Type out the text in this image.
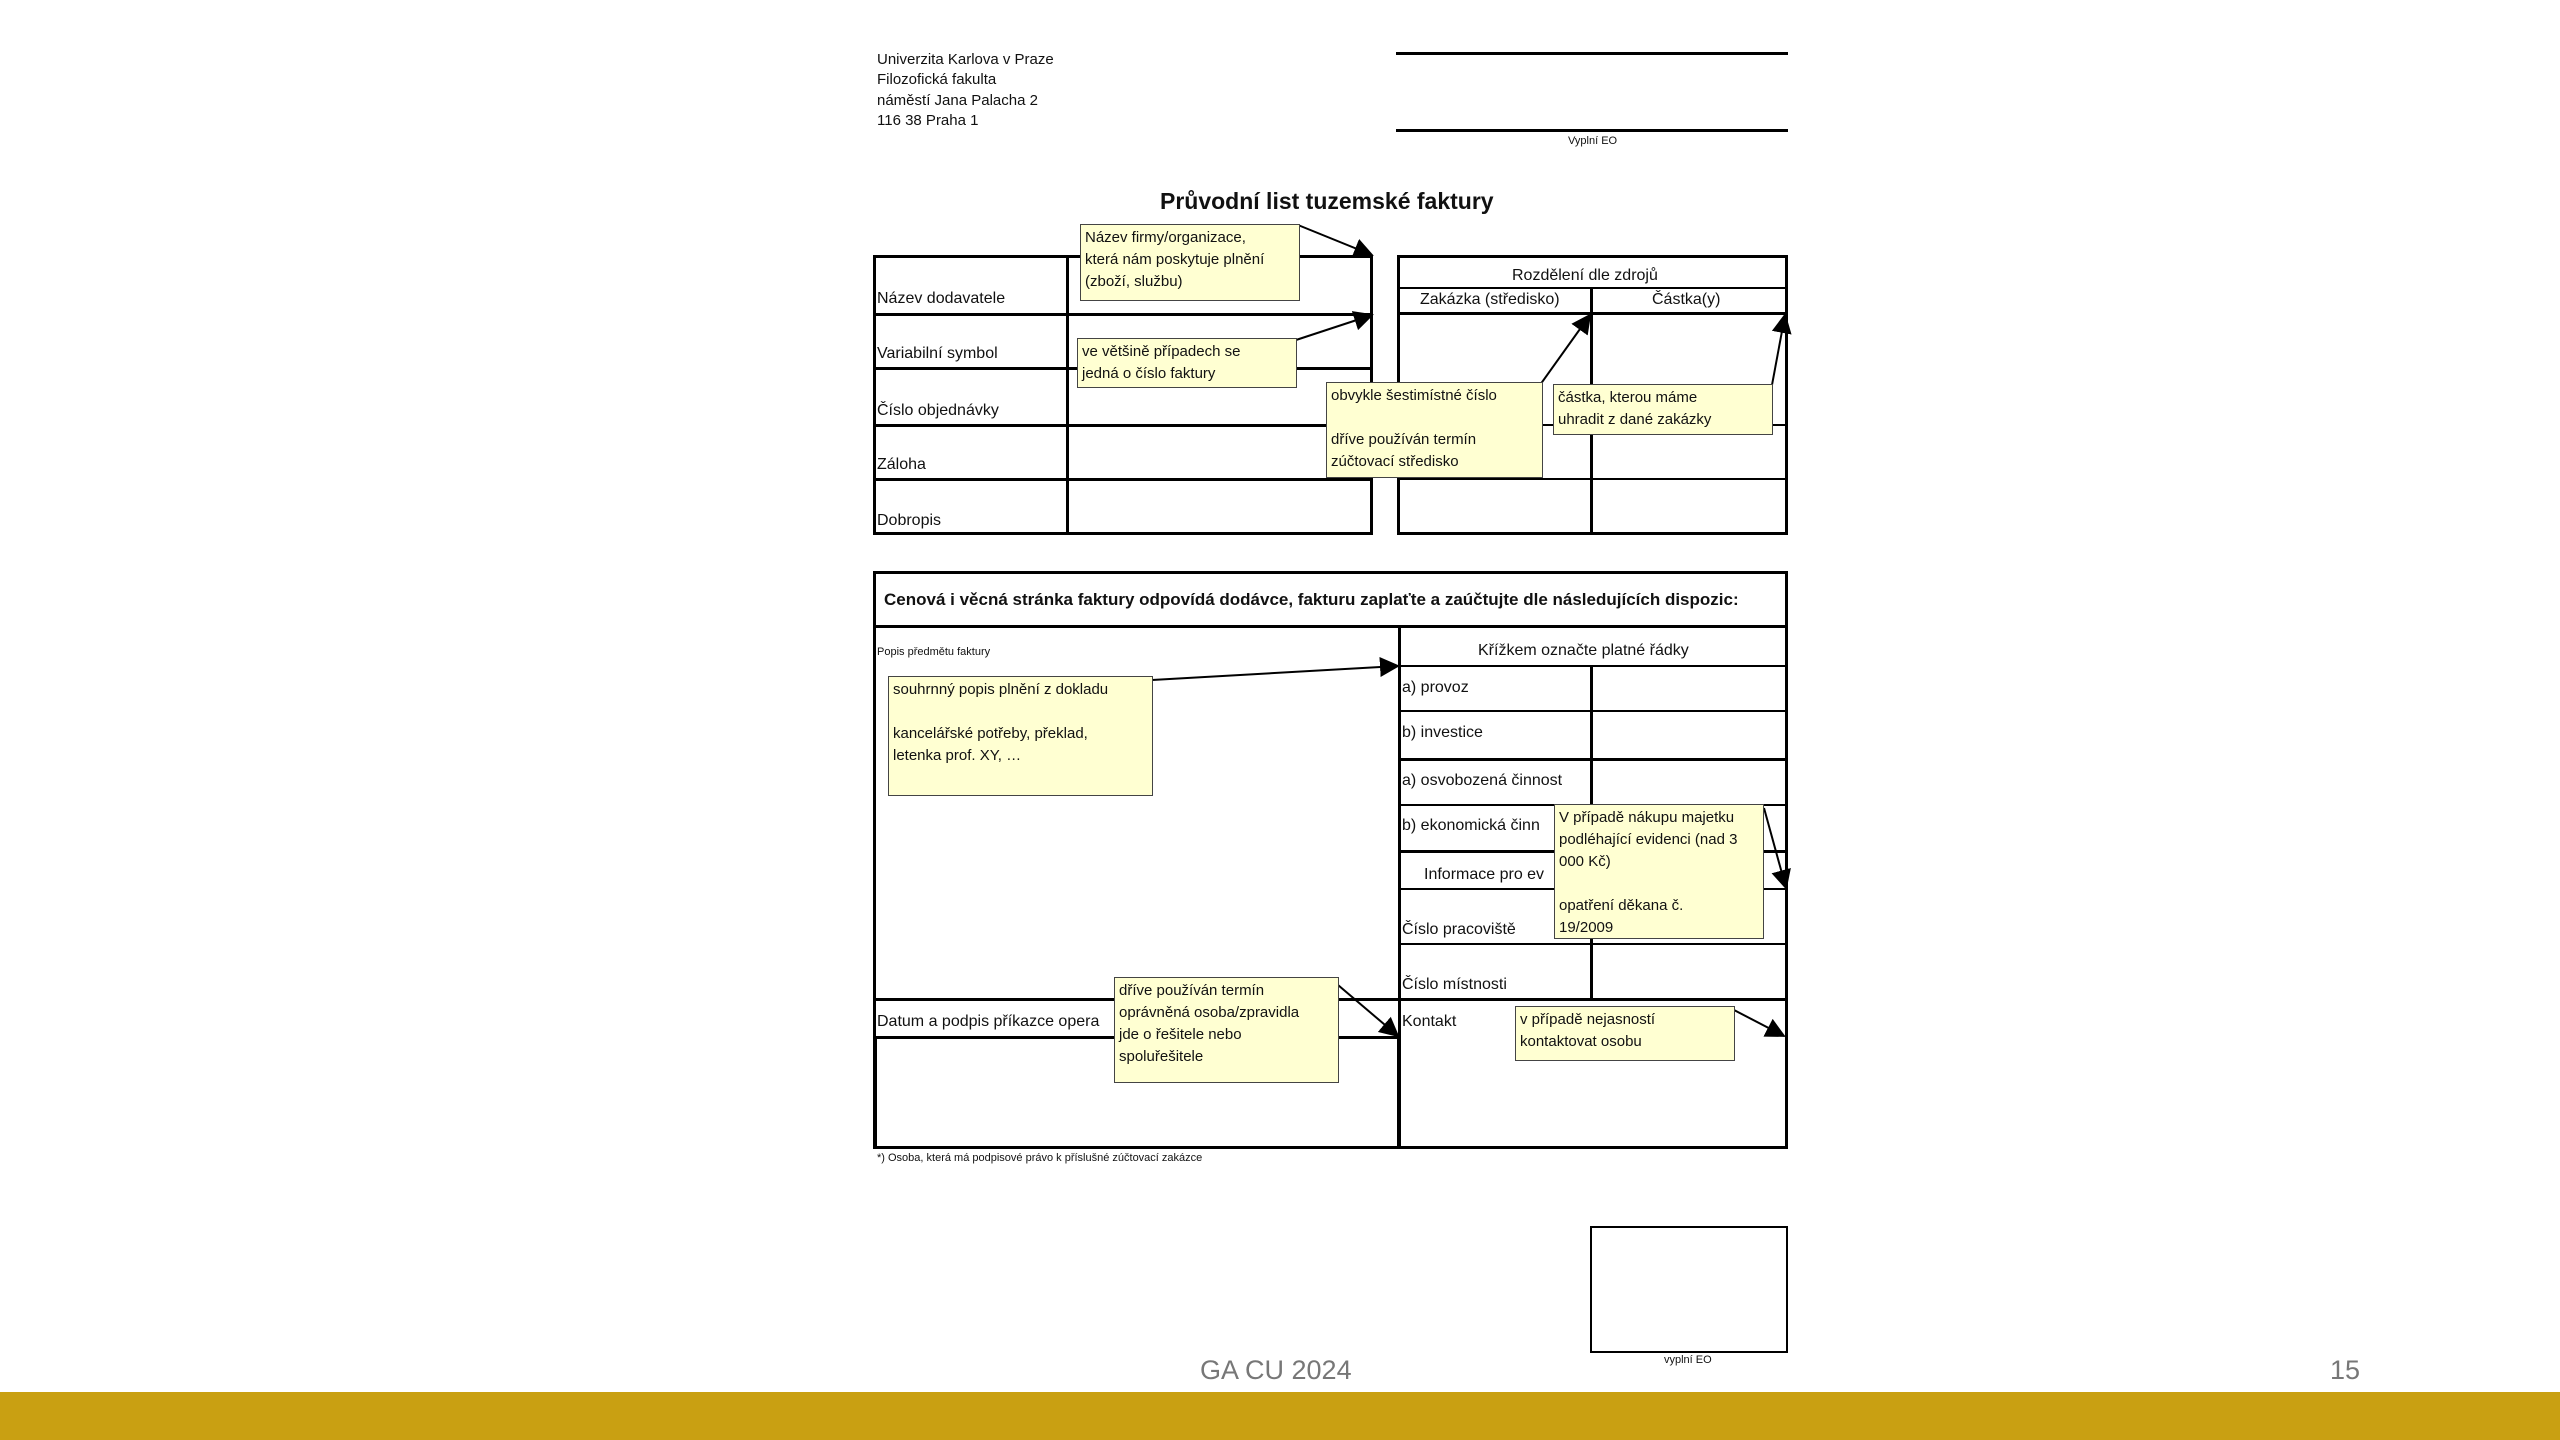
Univerzita Karlova v Praze
Filozofická fakulta
náměstí Jana Palacha 2
116 38 Praha 1
Vyplní EO
Průvodní list tuzemské faktury
Název dodavatele
Variabilní symbol
Číslo objednávky
Záloha
Dobropis
Rozdělení dle zdrojů
Zakázka (středisko)	Částka(y)
Cenová i věcná stránka faktury odpovídá dodávce, fakturu zaplaťte a zaúčtujte dle následujících dispozic:
Popis předmětu faktury	Křížkem označte platné řádky
a) provoz
b) investice
a) osvobozená činnost
b) ekonomická činn
Informace pro ev
Číslo pracoviště
Číslo místnosti
Kontakt
Datum a podpis příkazce opera
*) Osoba, která má podpisové právo k příslušné zúčtovací zakázce
vyplní EO
Název firmy/organizace,
která nám poskytuje plnění
(zboží, službu)
ve většině případech se
jedná o číslo faktury
obvykle šestimístné číslo

dříve používán termín
zúčtovací středisko
částka, kterou máme
uhradit z dané zakázky
souhrnný popis plnění z dokladu

kancelářské potřeby, překlad,
letenka prof. XY, …
V případě nákupu majetku
podléhající evidenci (nad 3
000 Kč)

opatření děkana č.
19/2009
dříve používán termín
oprávněná osoba/zpravidla
jde o řešitele nebo
spoluřešitele
v případě nejasností
kontaktovat osobu
GA CU 2024	15
